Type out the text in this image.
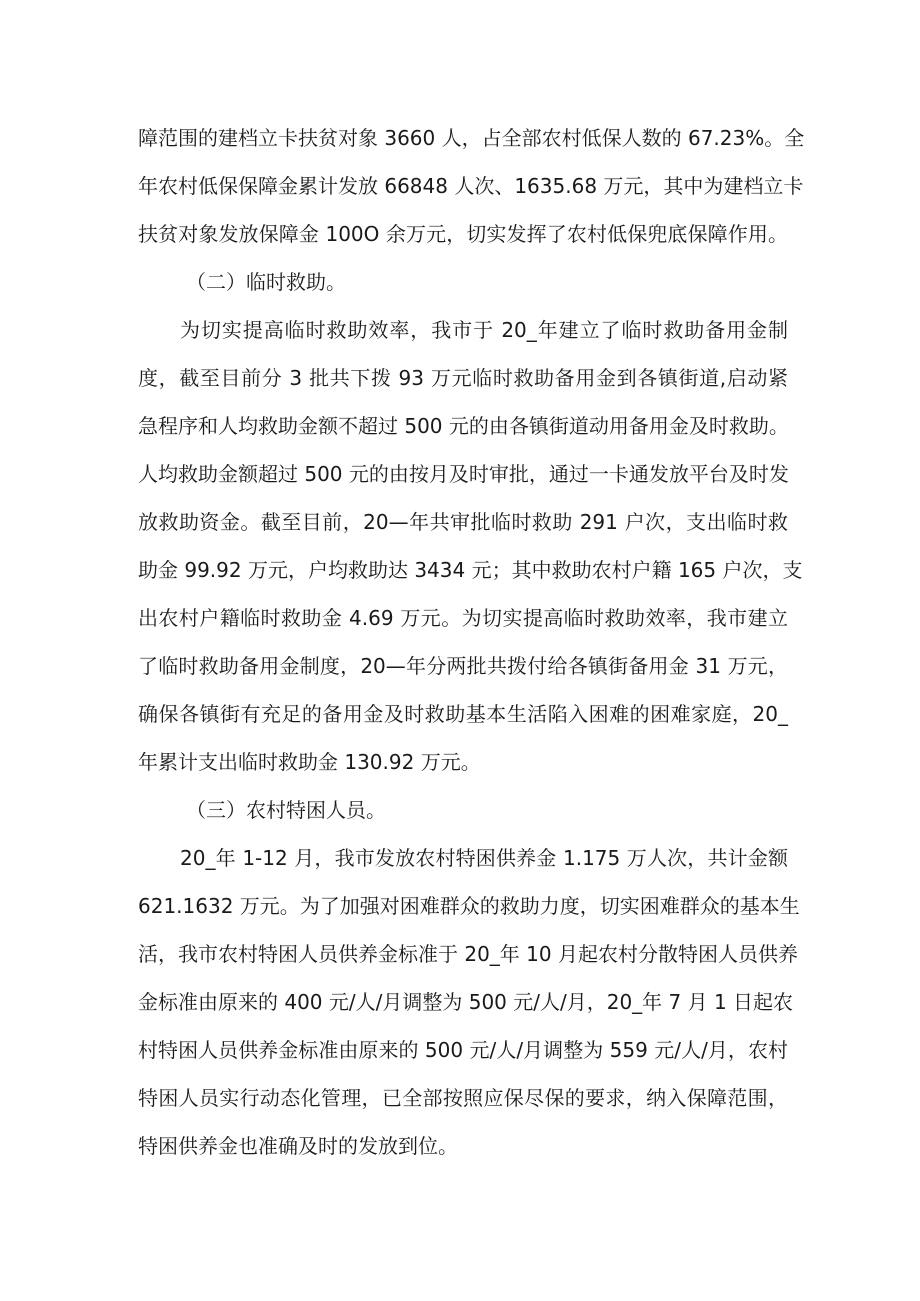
障范围的建档立卡扶贫对象 3660 人，占全部农村低保人数的 67.23%。全
年农村低保保障金累计发放 66848 人次、1635.68 万元，其中为建档立卡
扶贫对象发放保障金 100O 余万元，切实发挥了农村低保兜底保障作用。
（二）临时救助。
为切实提高临时救助效率，我市于 20_年建立了临时救助备用金制
度，截至目前分 3 批共下拨 93 万元临时救助备用金到各镇街道,启动紧
急程序和人均救助金额不超过 500 元的由各镇街道动用备用金及时救助。
人均救助金额超过 500 元的由按月及时审批，通过一卡通发放平台及时发
放救助资金。截至目前，20—年共审批临时救助 291 户次，支出临时救
助金 99.92 万元，户均救助达 3434 元；其中救助农村户籍 165 户次，支
出农村户籍临时救助金 4.69 万元。为切实提高临时救助效率，我市建立
了临时救助备用金制度，20—年分两批共拨付给各镇街备用金 31 万元，
确保各镇街有充足的备用金及时救助基本生活陷入困难的困难家庭，20_
年累计支出临时救助金 130.92 万元。
（三）农村特困人员。
20_年 1-12 月，我市发放农村特困供养金 1.175 万人次，共计金额
621.1632 万元。为了加强对困难群众的救助力度，切实困难群众的基本生
活，我市农村特困人员供养金标准于 20_年 10 月起农村分散特困人员供养
金标准由原来的 400 元/人/月调整为 500 元/人/月，20_年 7 月 1 日起农
村特困人员供养金标准由原来的 500 元/人/月调整为 559 元/人/月，农村
特困人员实行动态化管理，已全部按照应保尽保的要求，纳入保障范围，
特困供养金也准确及时的发放到位。
